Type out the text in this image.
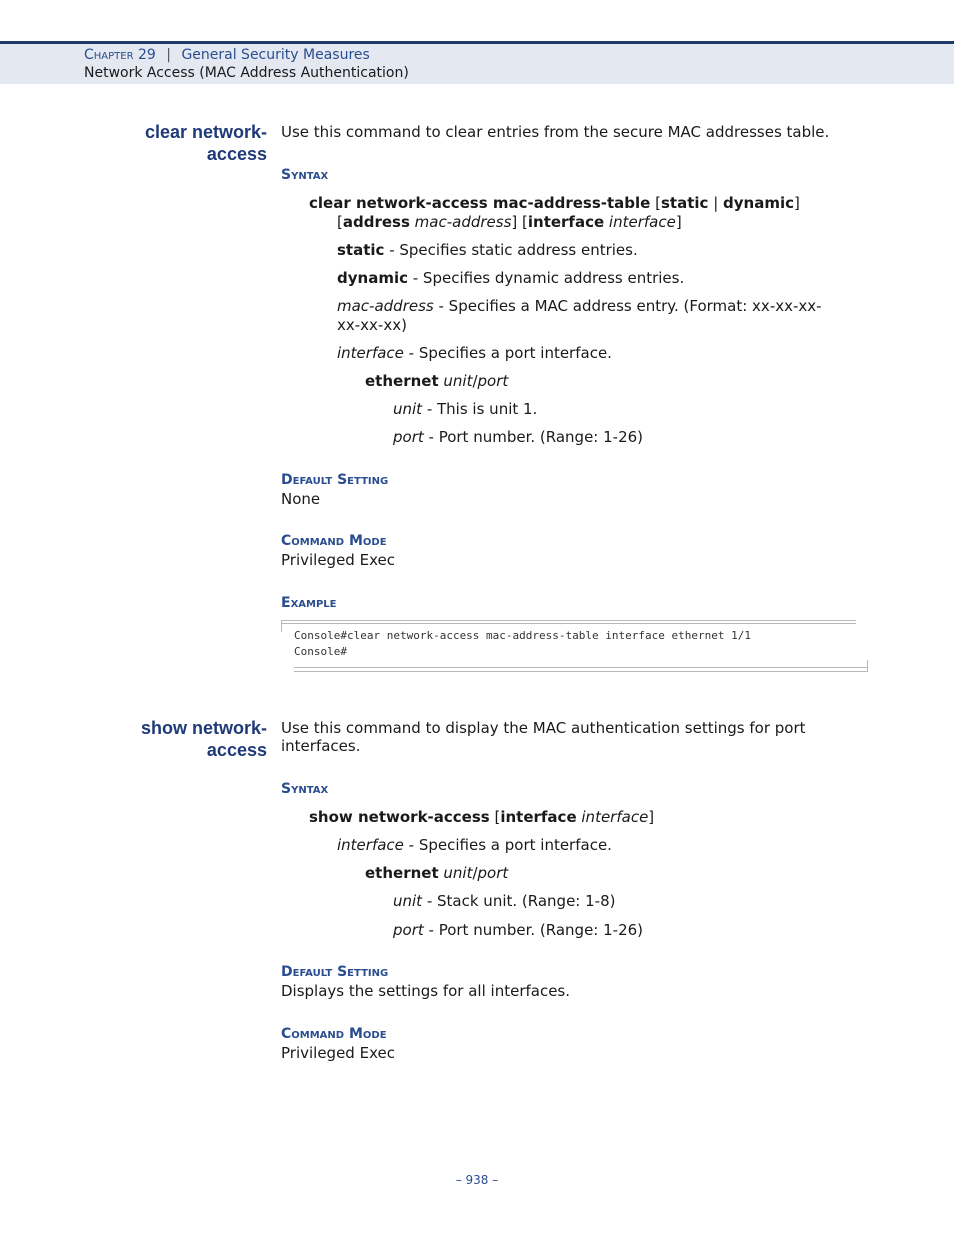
Chapter 29 | General Security Measures
Network Access (MAC Address Authentication)
clear network-
access
Use this command to clear entries from the secure MAC addresses table.
Syntax
clear network-access mac-address-table [static | dynamic]
[address mac-address] [interface interface]
static - Specifies static address entries.
dynamic - Specifies dynamic address entries.
mac-address - Specifies a MAC address entry. (Format: xx-xx-xx-
xx-xx-xx)
interface - Specifies a port interface.
ethernet unit/port
unit - This is unit 1.
port - Port number. (Range: 1-26)
Default Setting
None
Command Mode
Privileged Exec
Example
Console#clear network-access mac-address-table interface ethernet 1/1
Console#
show network-
access
Use this command to display the MAC authentication settings for port
interfaces.
Syntax
show network-access [interface interface]
interface - Specifies a port interface.
ethernet unit/port
unit - Stack unit. (Range: 1-8)
port - Port number. (Range: 1-26)
Default Setting
Displays the settings for all interfaces.
Command Mode
Privileged Exec
– 938 –
